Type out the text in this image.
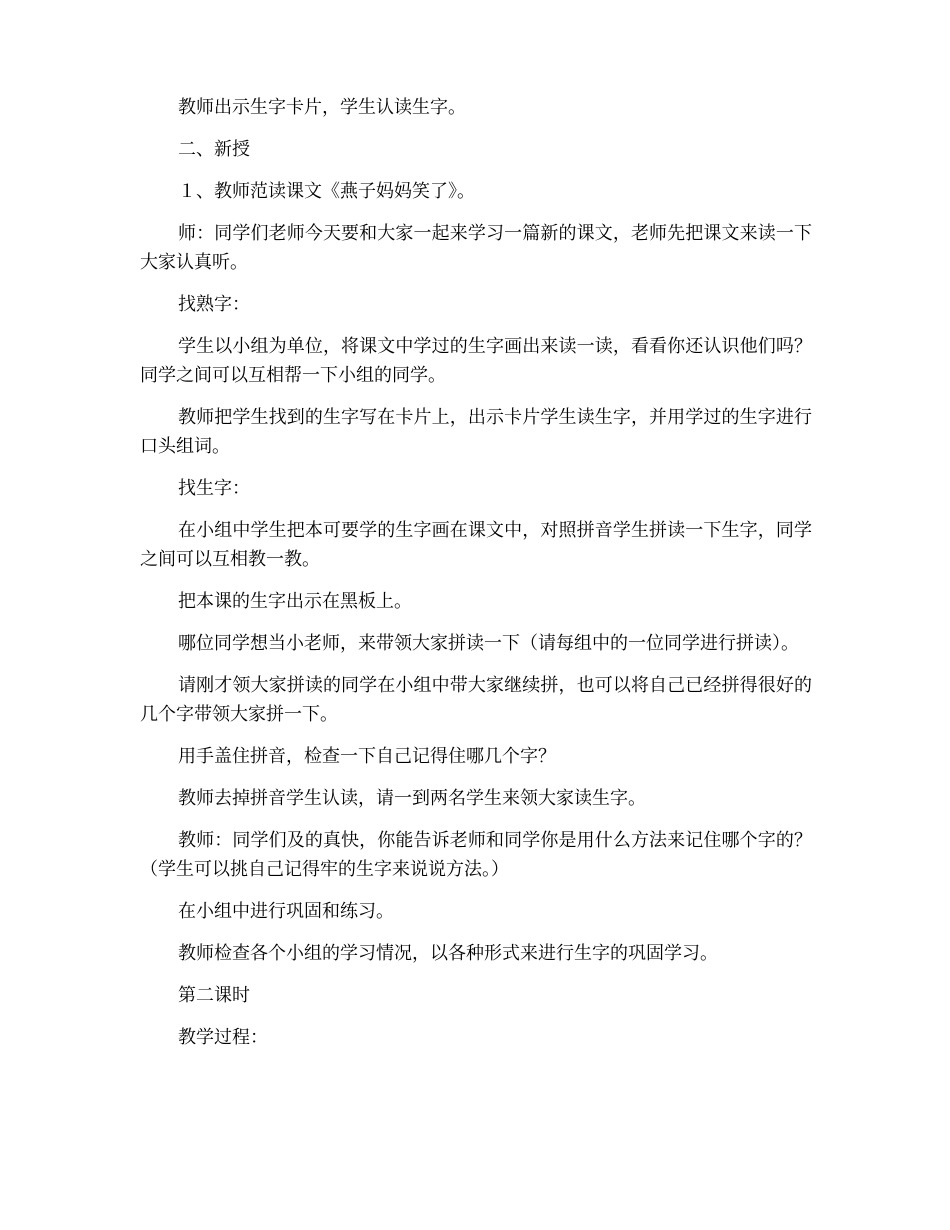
教师出示生字卡片，学生认读生字。

二、新授

１、教师范读课文《燕子妈妈笑了》。

师：同学们老师今天要和大家一起来学习一篇新的课文，老师先把课文来读一下大家认真听。

找熟字：

学生以小组为单位，将课文中学过的生字画出来读一读，看看你还认识他们吗？同学之间可以互相帮一下小组的同学。

教师把学生找到的生字写在卡片上，出示卡片学生读生字，并用学过的生字进行口头组词。

找生字：

在小组中学生把本可要学的生字画在课文中，对照拼音学生拼读一下生字，同学之间可以互相教一教。

把本课的生字出示在黑板上。

哪位同学想当小老师，来带领大家拼读一下（请每组中的一位同学进行拼读）。

请刚才领大家拼读的同学在小组中带大家继续拼，也可以将自己已经拼得很好的几个字带领大家拼一下。

用手盖住拼音，检查一下自己记得住哪几个字？

教师去掉拼音学生认读，请一到两名学生来领大家读生字。

教师：同学们及的真快，你能告诉老师和同学你是用什么方法来记住哪个字的？（学生可以挑自己记得牢的生字来说说方法。）

在小组中进行巩固和练习。

教师检查各个小组的学习情况，以各种形式来进行生字的巩固学习。

第二课时

教学过程：
